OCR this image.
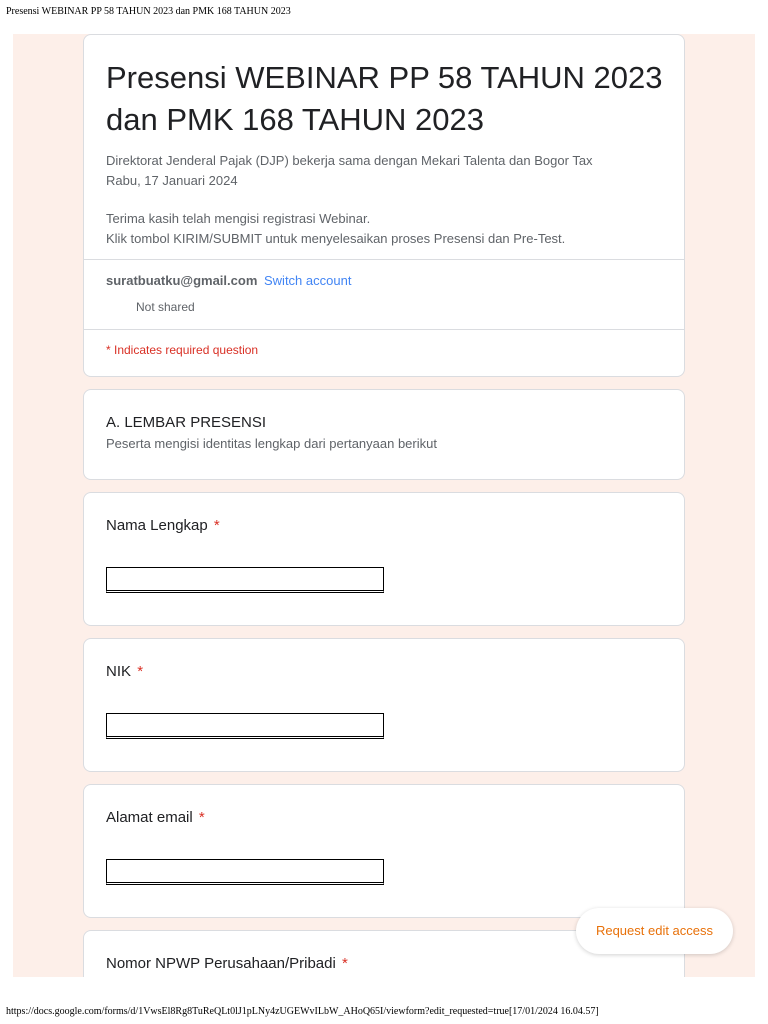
Presensi WEBINAR PP 58 TAHUN 2023 dan PMK 168 TAHUN 2023
Presensi WEBINAR PP 58 TAHUN 2023
dan PMK 168 TAHUN 2023
Direktorat Jenderal Pajak (DJP) bekerja sama dengan Mekari Talenta dan Bogor Tax
Rabu, 17 Januari 2024
Terima kasih telah mengisi registrasi Webinar.
Klik tombol KIRIM/SUBMIT untuk menyelesaikan proses Presensi dan Pre-Test.
suratbuatku@gmail.com Switch account
Not shared
* Indicates required question
A. LEMBAR PRESENSI
Peserta mengisi identitas lengkap dari pertanyaan berikut
Nama Lengkap *
NIK *
Alamat email *
Nomor NPWP Perusahaan/Pribadi *
Request edit access
https://docs.google.com/forms/d/1VwsEl8Rg8TuReQLt0lJ1pLNy4zUGEWvILbW_AHoQ65I/viewform?edit_requested=true[17/01/2024 16.04.57]
